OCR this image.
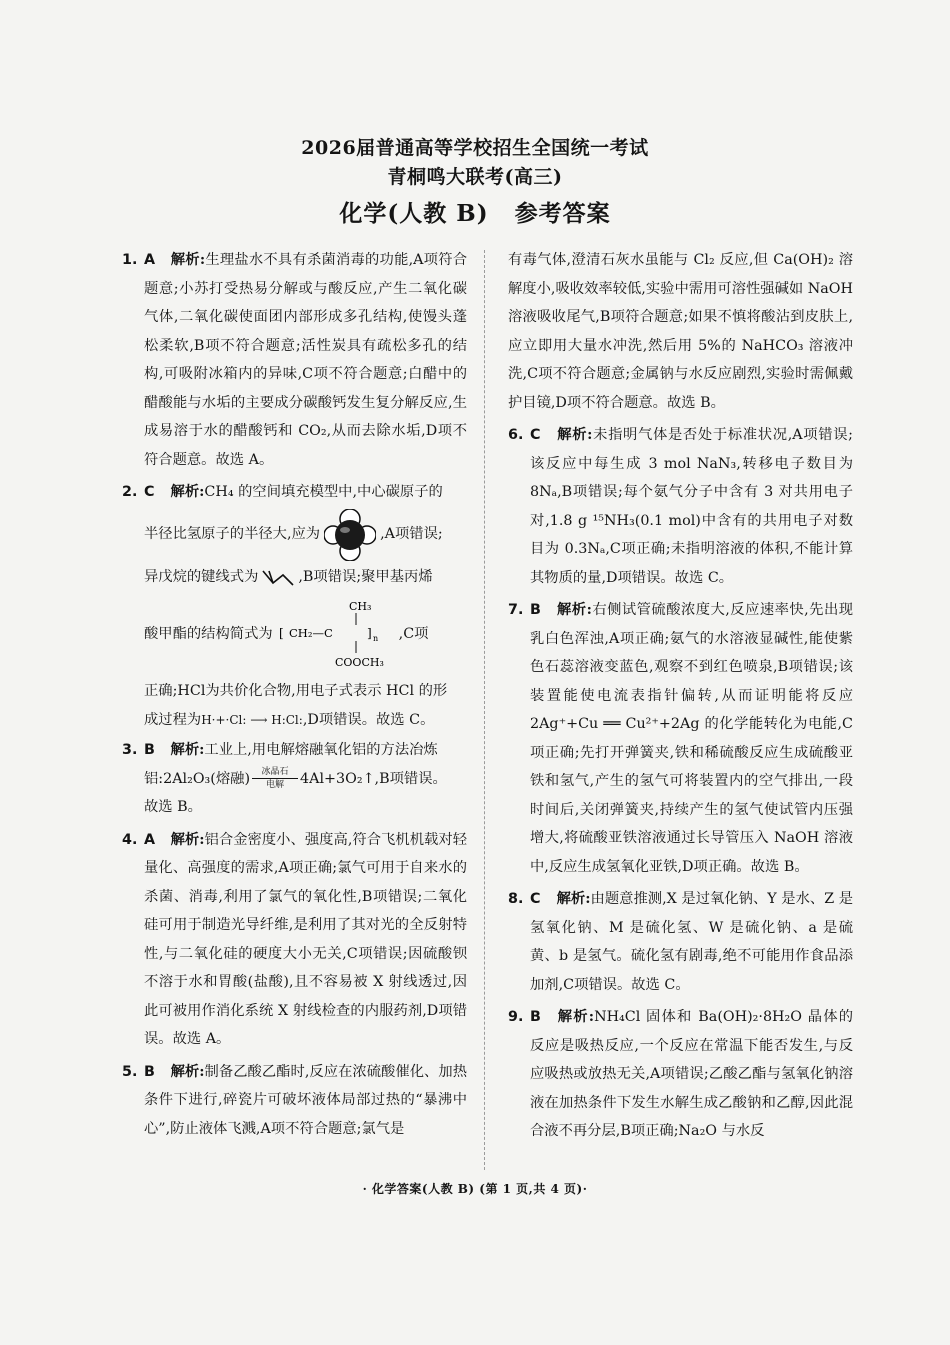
2026届普通高等学校招生全国统一考试
青桐鸣大联考(高三)
化学(人教 B) 参考答案

1. A 解析:生理盐水不具有杀菌消毒的功能,A项符合题意;小苏打受热易分解或与酸反应,产生二氧化碳气体,二氧化碳使面团内部形成多孔结构,使馒头蓬松柔软,B项不符合题意;活性炭具有疏松多孔的结构,可吸附冰箱内的异味,C项不符合题意;白醋中的醋酸能与水垢的主要成分碳酸钙发生复分解反应,生成易溶于水的醋酸钙和 CO₂,从而去除水垢,D项不符合题意。故选 A。

2. C 解析:CH₄ 的空间填充模型中,中心碳原子的

半径比氢原子的半径大,应为	,A项错误;
异戊烷的键线式为	,B项错误;聚甲基丙烯
酸甲酯的结构简式为
CH₃
[ CH₂—C	] n
COOCH₃
,C项

正确;HCl为共价化合物,用电子式表示 HCl 的形

成过程为H·+·Cl: ⟶ H:Cl:,D项错误。故选 C。

3. B 解析:工业上,用电解熔融氧化铝的方法冶炼

铝:2Al₂O₃(熔融) 冰晶石
电解 4Al+3O₂↑,B项错误。

故选 B。

4. A 解析:铝合金密度小、强度高,符合飞机机载对轻量化、高强度的需求,A项正确;氯气可用于自来水的杀菌、消毒,利用了氯气的氧化性,B项错误;二氧化硅可用于制造光导纤维,是利用了其对光的全反射特性,与二氧化硅的硬度大小无关,C项错误;因硫酸钡不溶于水和胃酸(盐酸),且不容易被 X 射线透过,因此可被用作消化系统 X 射线检查的内服药剂,D项错误。故选 A。

5. B 解析:制备乙酸乙酯时,反应在浓硫酸催化、加热条件下进行,碎瓷片可破坏液体局部过热的“暴沸中心”,防止液体飞溅,A项不符合题意;氯气是

有毒气体,澄清石灰水虽能与 Cl₂ 反应,但 Ca(OH)₂ 溶解度小,吸收效率较低,实验中需用可溶性强碱如 NaOH 溶液吸收尾气,B项符合题意;如果不慎将酸沾到皮肤上,应立即用大量水冲洗,然后用 5%的 NaHCO₃ 溶液冲洗,C项不符合题意;金属钠与水反应剧烈,实验时需佩戴护目镜,D项不符合题意。故选 B。

6. C 解析:未指明气体是否处于标准状况,A项错误;该反应中每生成 3 mol NaN₃,转移电子数目为 8Nₐ,B项错误;每个氨气分子中含有 3 对共用电子对,1.8 g ¹⁵NH₃(0.1 mol)中含有的共用电子对数目为 0.3Nₐ,C项正确;未指明溶液的体积,不能计算其物质的量,D项错误。故选 C。

7. B 解析:右侧试管硫酸浓度大,反应速率快,先出现乳白色浑浊,A项正确;氨气的水溶液显碱性,能使紫色石蕊溶液变蓝色,观察不到红色喷泉,B项错误;该装置能使电流表指针偏转,从而证明能将反应 2Ag⁺+Cu ══ Cu²⁺+2Ag 的化学能转化为电能,C项正确;先打开弹簧夹,铁和稀硫酸反应生成硫酸亚铁和氢气,产生的氢气可将装置内的空气排出,一段时间后,关闭弹簧夹,持续产生的氢气使试管内压强增大,将硫酸亚铁溶液通过长导管压入 NaOH 溶液中,反应生成氢氧化亚铁,D项正确。故选 B。

8. C 解析:由题意推测,X 是过氧化钠、Y 是水、Z 是氢氧化钠、M 是硫化氢、W 是硫化钠、a 是硫黄、b 是氢气。硫化氢有剧毒,绝不可能用作食品添加剂,C项错误。故选 C。

9. B 解析:NH₄Cl 固体和 Ba(OH)₂·8H₂O 晶体的反应是吸热反应,一个反应在常温下能否发生,与反应吸热或放热无关,A项错误;乙酸乙酯与氢氧化钠溶液在加热条件下发生水解生成乙酸钠和乙醇,因此混合液不再分层,B项正确;Na₂O 与水反

· 化学答案(人教 B) (第 1 页,共 4 页)·
